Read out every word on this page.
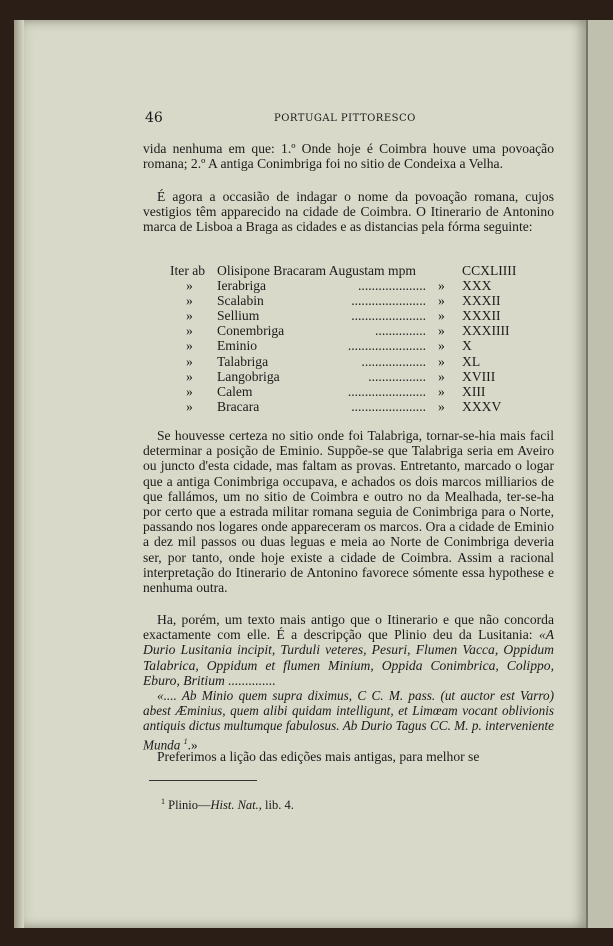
46	PORTUGAL PITTORESCO

vida nenhuma em que: 1.º Onde hoje é Coimbra houve uma povoação romana; 2.º A antiga Conimbriga foi no sitio de Condeixa a Velha.

É agora a occasião de indagar o nome da povoação romana, cujos vestigios têm apparecido na cidade de Coimbra. O Itinerario de Antonino marca de Lisboa a Braga as cidades e as distancias pela fórma seguinte:

Iter ab Olisipone Bracaram Augustam mpm	CCXLIIII
» Ierabriga	.................... » XXX
» Scalabin	...................... » XXXII
» Sellium	...................... » XXXII
» Conembriga	............... » XXXIIII
» Eminio	....................... » X
» Talabriga	................... » XL
» Langobriga	................. » XVIII
» Calem	....................... » XIII
» Bracara	...................... » XXXV

Se houvesse certeza no sitio onde foi Talabriga, tornar-se-hia mais facil determinar a posição de Eminio. Suppõe-se que Talabriga seria em Aveiro ou juncto d'esta cidade, mas faltam as provas. Entretanto, marcado o logar que a antiga Conimbriga occupava, e achados os dois marcos milliarios de que fallámos, um no sitio de Coimbra e outro no da Mealhada, ter-se-ha por certo que a estrada militar romana seguia de Conimbriga para o Norte, passando nos logares onde appareceram os marcos. Ora a cidade de Eminio a dez mil passos ou duas leguas e meia ao Norte de Conimbriga deveria ser, por tanto, onde hoje existe a cidade de Coimbra. Assim a racional interpretação do Itinerario de Antonino favorece sómente essa hypothese e nenhuma outra.

Ha, porém, um texto mais antigo que o Itinerario e que não concorda exactamente com elle. É a descripção que Plinio deu da Lusitania: «A Durio Lusitania incipit, Turduli veteres, Pesuri, Flumen Vacca, Oppidum Talabrica, Oppidum et flumen Minium, Oppida Conimbrica, Colippo, Eburo, Britium ..............

«.... Ab Minio quem supra diximus, C C. M. pass. (ut auctor est Varro) abest Æminius, quem alibi quidam intelligunt, et Limœam vocant oblivionis antiquis dictus multumque fabulosus. Ab Durio Tagus CC. M. p. interveniente Munda $^1$.»

Preferimos a lição das edições mais antigas, para melhor se

$^1$ Plinio—Hist. Nat., lib. 4.
